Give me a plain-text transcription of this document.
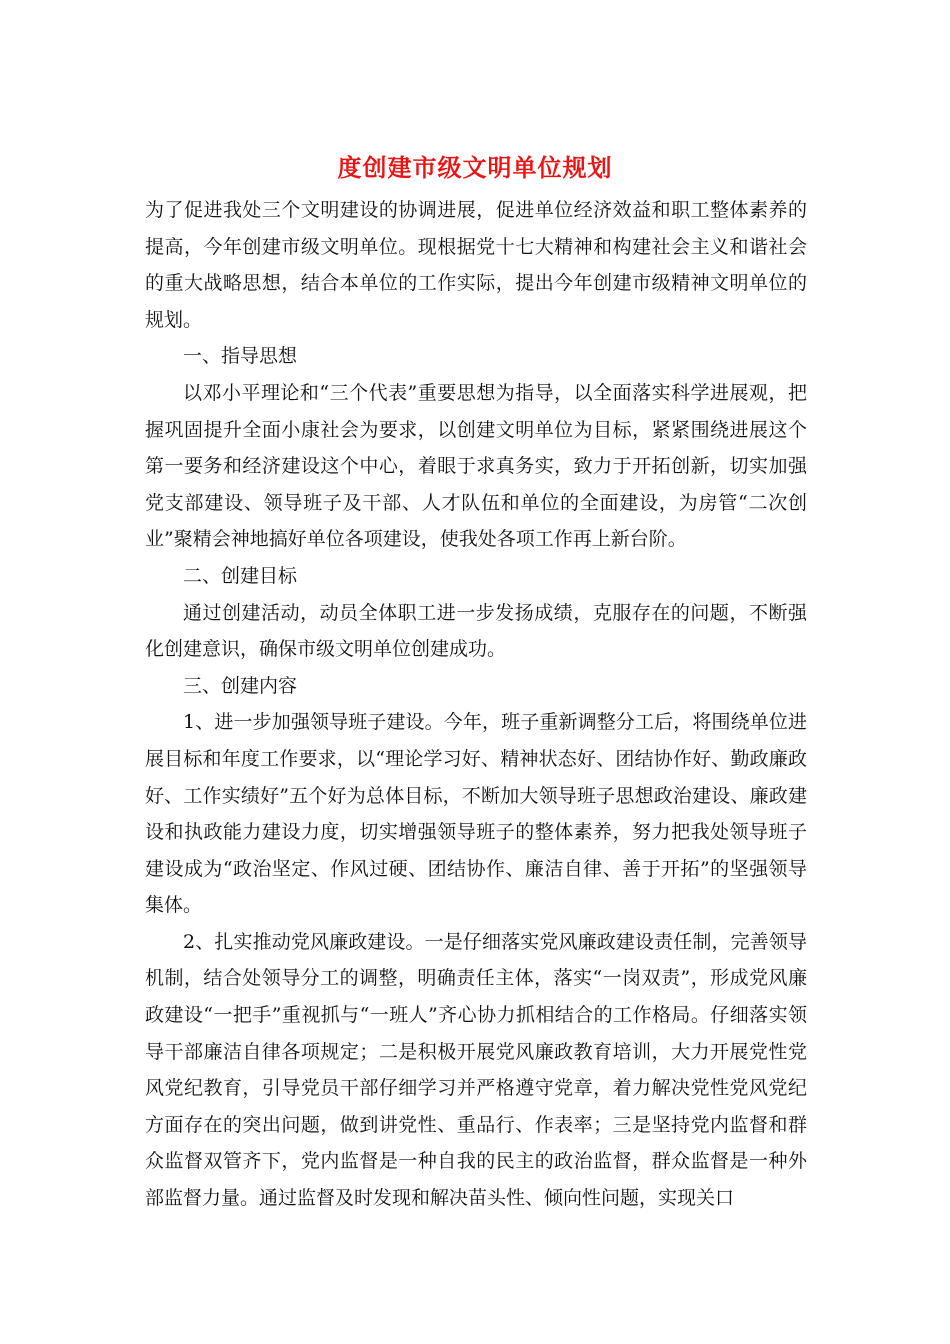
度创建市级文明单位规划

为了促进我处三个文明建设的协调进展，促进单位经济效益和职工整体素养的提高，今年创建市级文明单位。现根据党十七大精神和构建社会主义和谐社会的重大战略思想，结合本单位的工作实际，提出今年创建市级精神文明单位的规划。

一、指导思想

以邓小平理论和“三个代表”重要思想为指导，以全面落实科学进展观，把握巩固提升全面小康社会为要求，以创建文明单位为目标，紧紧围绕进展这个第一要务和经济建设这个中心，着眼于求真务实，致力于开拓创新，切实加强党支部建设、领导班子及干部、人才队伍和单位的全面建设，为房管“二次创业”聚精会神地搞好单位各项建设，使我处各项工作再上新台阶。

二、创建目标

通过创建活动，动员全体职工进一步发扬成绩，克服存在的问题，不断强化创建意识，确保市级文明单位创建成功。

三、创建内容

1、进一步加强领导班子建设。今年，班子重新调整分工后，将围绕单位进展目标和年度工作要求，以“理论学习好、精神状态好、团结协作好、勤政廉政好、工作实绩好”五个好为总体目标，不断加大领导班子思想政治建设、廉政建设和执政能力建设力度，切实增强领导班子的整体素养，努力把我处领导班子建设成为“政治坚定、作风过硬、团结协作、廉洁自律、善于开拓”的坚强领导集体。

2、扎实推动党风廉政建设。一是仔细落实党风廉政建设责任制，完善领导机制，结合处领导分工的调整，明确责任主体，落实“一岗双责”，形成党风廉政建设“一把手”重视抓与“一班人”齐心协力抓相结合的工作格局。仔细落实领导干部廉洁自律各项规定；二是积极开展党风廉政教育培训，大力开展党性党风党纪教育，引导党员干部仔细学习并严格遵守党章，着力解决党性党风党纪方面存在的突出问题，做到讲党性、重品行、作表率；三是坚持党内监督和群众监督双管齐下，党内监督是一种自我的民主的政治监督，群众监督是一种外部监督力量。通过监督及时发现和解决苗头性、倾向性问题，实现关口
